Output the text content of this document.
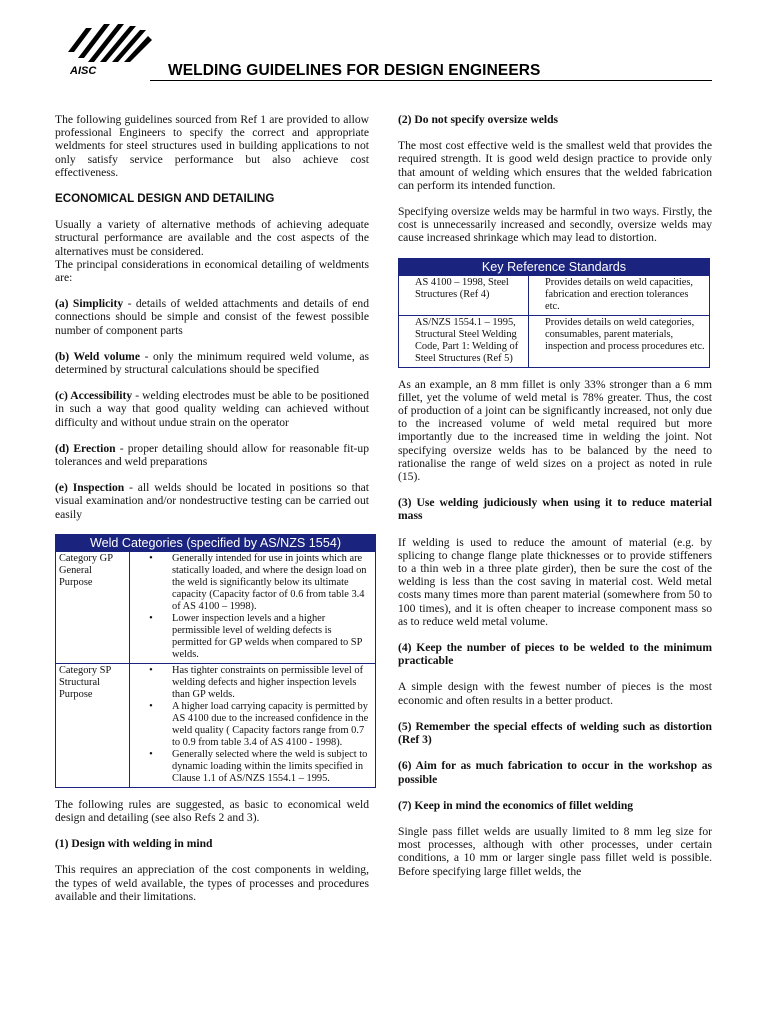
AISC	WELDING GUIDELINES FOR DESIGN ENGINEERS

The following guidelines sourced from Ref 1 are provided to allow professional Engineers to specify the correct and appropriate weldments for steel structures used in building applications to not only satisfy service performance but also achieve cost effectiveness.

ECONOMICAL DESIGN AND DETAILING

Usually a variety of alternative methods of achieving adequate structural performance are available and the cost aspects of the alternatives must be considered.

The principal considerations in economical detailing of weldments are:

(a) Simplicity - details of welded attachments and details of end connections should be simple and consist of the fewest possible number of component parts

(b) Weld volume - only the minimum required weld volume, as determined by structural calculations should be specified

(c) Accessibility - welding electrodes must be able to be positioned in such a way that good quality welding can achieved without difficulty and without undue strain on the operator

(d) Erection - proper detailing should allow for reasonable fit-up tolerances and weld preparations

(e) Inspection - all welds should be located in positions so that visual examination and/or nondestructive testing can be carried out easily

Weld Categories (specified by AS/NZS 1554)
Category GP General Purpose
•	Generally intended for use in joints which are statically loaded, and where the design load on the weld is significantly below its ultimate capacity (Capacity factor of 0.6 from table 3.4 of AS 4100 – 1998).
•	Lower inspection levels and a higher permissible level of welding defects is permitted for GP welds when compared to SP welds.
Category SP Structural Purpose
•	Has tighter constraints on permissible level of welding defects and higher inspection levels than GP welds.
•	A higher load carrying capacity is permitted by AS 4100 due to the increased confidence in the weld quality ( Capacity factors range from 0.7 to 0.9 from table 3.4 of AS 4100 - 1998).
•	Generally selected where the weld is subject to dynamic loading within the limits specified in Clause 1.1 of AS/NZS 1554.1 – 1995.

The following rules are suggested, as basic to economical weld design and detailing (see also Refs 2 and 3).

(1) Design with welding in mind

This requires an appreciation of the cost components in welding, the types of weld available, the types of processes and procedures available and their limitations.

(2) Do not specify oversize welds

The most cost effective weld is the smallest weld that provides the required strength. It is good weld design practice to provide only that amount of welding which ensures that the welded fabrication can perform its intended function.

Specifying oversize welds may be harmful in two ways. Firstly, the cost is unnecessarily increased and secondly, oversize welds may cause increased shrinkage which may lead to distortion.

Key Reference Standards
AS 4100 – 1998, Steel Structures (Ref 4)
Provides details on weld capacities, fabrication and erection tolerances etc.
AS/NZS 1554.1 – 1995, Structural Steel Welding Code, Part 1: Welding of Steel Structures (Ref 5)
Provides details on weld categories, consumables, parent materials, inspection and process procedures etc.

As an example, an 8 mm fillet is only 33% stronger than a 6 mm fillet, yet the volume of weld metal is 78% greater. Thus, the cost of production of a joint can be significantly increased, not only due to the increased volume of weld metal required but more importantly due to the increased time in welding the joint. Not specifying oversize welds has to be balanced by the need to rationalise the range of weld sizes on a project as noted in rule (15).

(3) Use welding judiciously when using it to reduce material mass

If welding is used to reduce the amount of material (e.g. by splicing to change flange plate thicknesses or to provide stiffeners to a thin web in a three plate girder), then be sure the cost of the welding is less than the cost saving in material cost. Weld metal costs many times more than parent material (somewhere from 50 to 100 times), and it is often cheaper to increase component mass so as to reduce weld metal volume.

(4) Keep the number of pieces to be welded to the minimum practicable

A simple design with the fewest number of pieces is the most economic and often results in a better product.

(5) Remember the special effects of welding such as distortion (Ref 3)
(6) Aim for as much fabrication to occur in the workshop as possible
(7) Keep in mind the economics of fillet welding

Single pass fillet welds are usually limited to 8 mm leg size for most processes, although with other processes, under certain conditions, a 10 mm or larger single pass fillet weld is possible. Before specifying large fillet welds, the
